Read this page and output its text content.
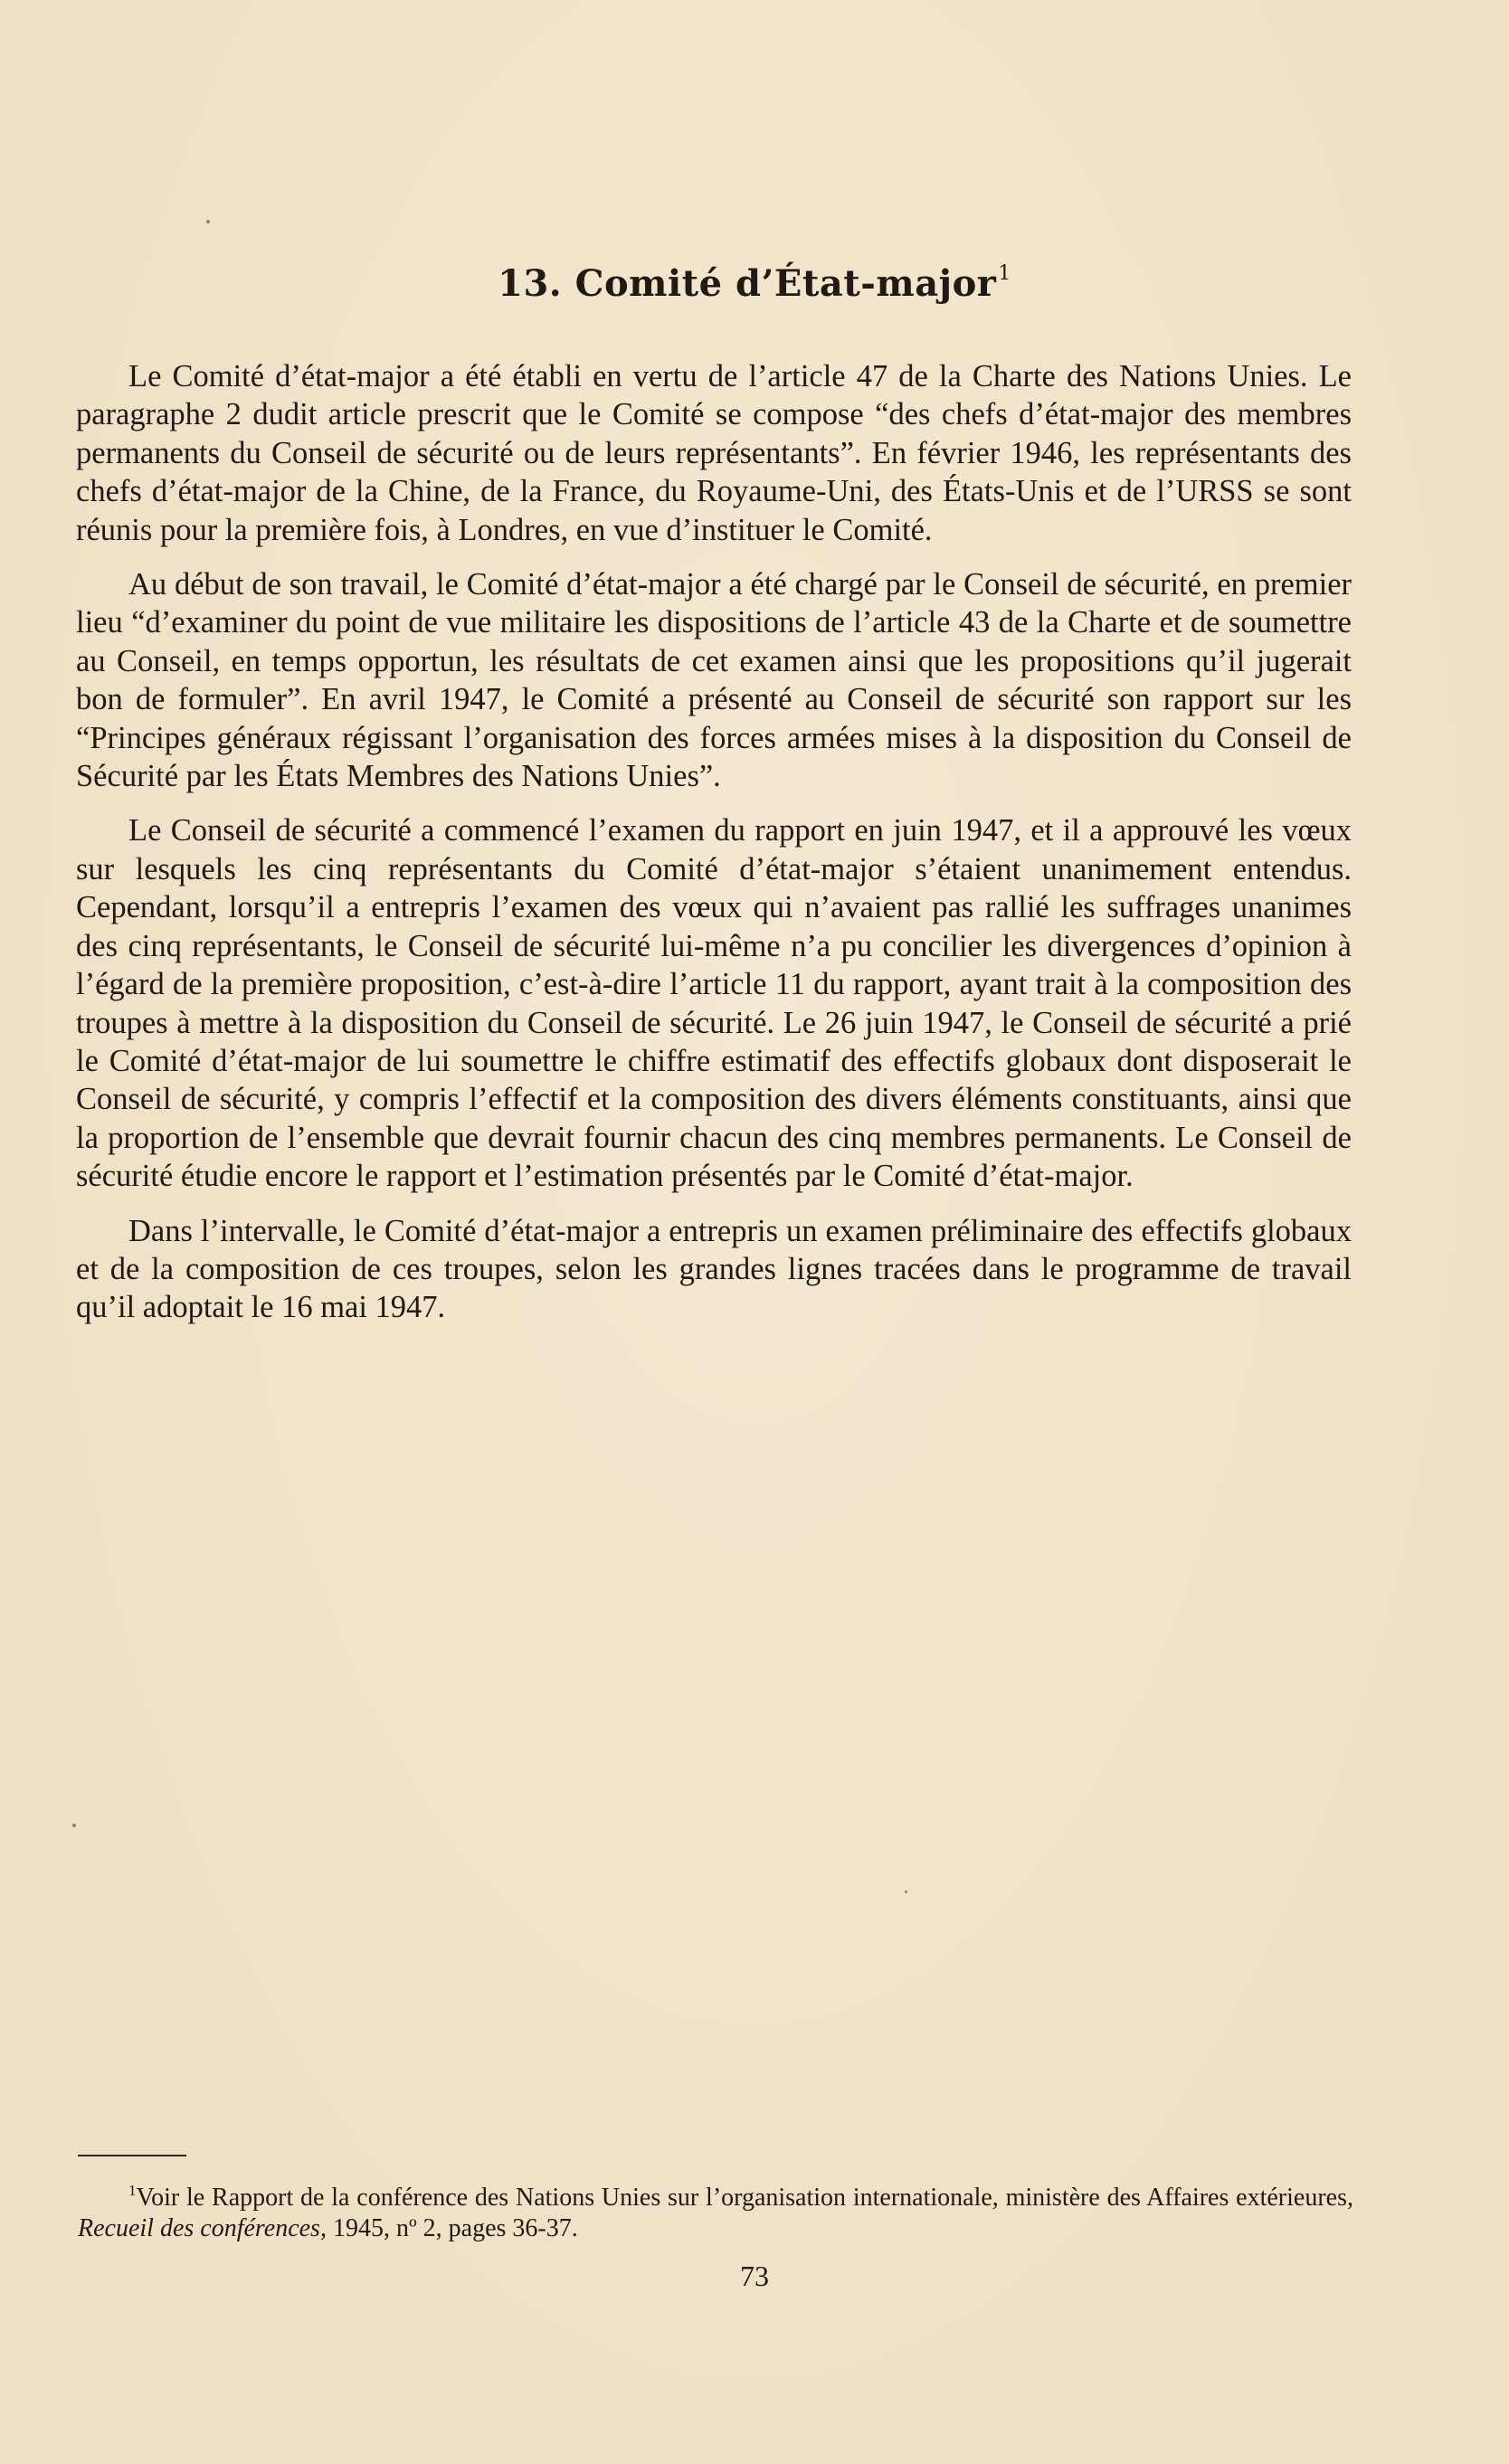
13. Comité d’État-major$^1$

Le Comité d’état-major a été établi en vertu de l’article 47 de la Charte des Nations Unies. Le paragraphe 2 dudit article prescrit que le Comité se compose “des chefs d’état-major des membres permanents du Conseil de sécurité ou de leurs représentants”. En février 1946, les représentants des chefs d’état-major de la Chine, de la France, du Royaume-Uni, des États-Unis et de l’URSS se sont réunis pour la première fois, à Londres, en vue d’instituer le Comité.

Au début de son travail, le Comité d’état-major a été chargé par le Conseil de sécurité, en premier lieu “d’examiner du point de vue militaire les dispositions de l’article 43 de la Charte et de soumettre au Conseil, en temps opportun, les résultats de cet examen ainsi que les propositions qu’il jugerait bon de formuler”. En avril 1947, le Comité a présenté au Conseil de sécurité son rapport sur les “Principes généraux régissant l’organisation des forces armées mises à la disposition du Conseil de Sécurité par les États Membres des Nations Unies”.

Le Conseil de sécurité a commencé l’examen du rapport en juin 1947, et il a approuvé les vœux sur lesquels les cinq représentants du Comité d’état-major s’étaient unanimement entendus. Cependant, lorsqu’il a entrepris l’examen des vœux qui n’avaient pas rallié les suffrages unanimes des cinq représentants, le Conseil de sécurité lui-même n’a pu concilier les divergences d’opinion à l’égard de la première proposition, c’est-à-dire l’article 11 du rapport, ayant trait à la composition des troupes à mettre à la disposition du Conseil de sécurité. Le 26 juin 1947, le Conseil de sécurité a prié le Comité d’état-major de lui soumettre le chiffre estimatif des effectifs globaux dont disposerait le Conseil de sécurité, y compris l’effectif et la composition des divers éléments constituants, ainsi que la proportion de l’ensemble que devrait fournir chacun des cinq membres permanents. Le Conseil de sécurité étudie encore le rapport et l’estimation présentés par le Comité d’état-major.

Dans l’intervalle, le Comité d’état-major a entrepris un examen préliminaire des effectifs globaux et de la composition de ces troupes, selon les grandes lignes tracées dans le programme de travail qu’il adoptait le 16 mai 1947.

$^1$Voir le Rapport de la conférence des Nations Unies sur l’organisation internationale, ministère des Affaires extérieures, Recueil des conférences, 1945, nº 2, pages 36-37.

73
